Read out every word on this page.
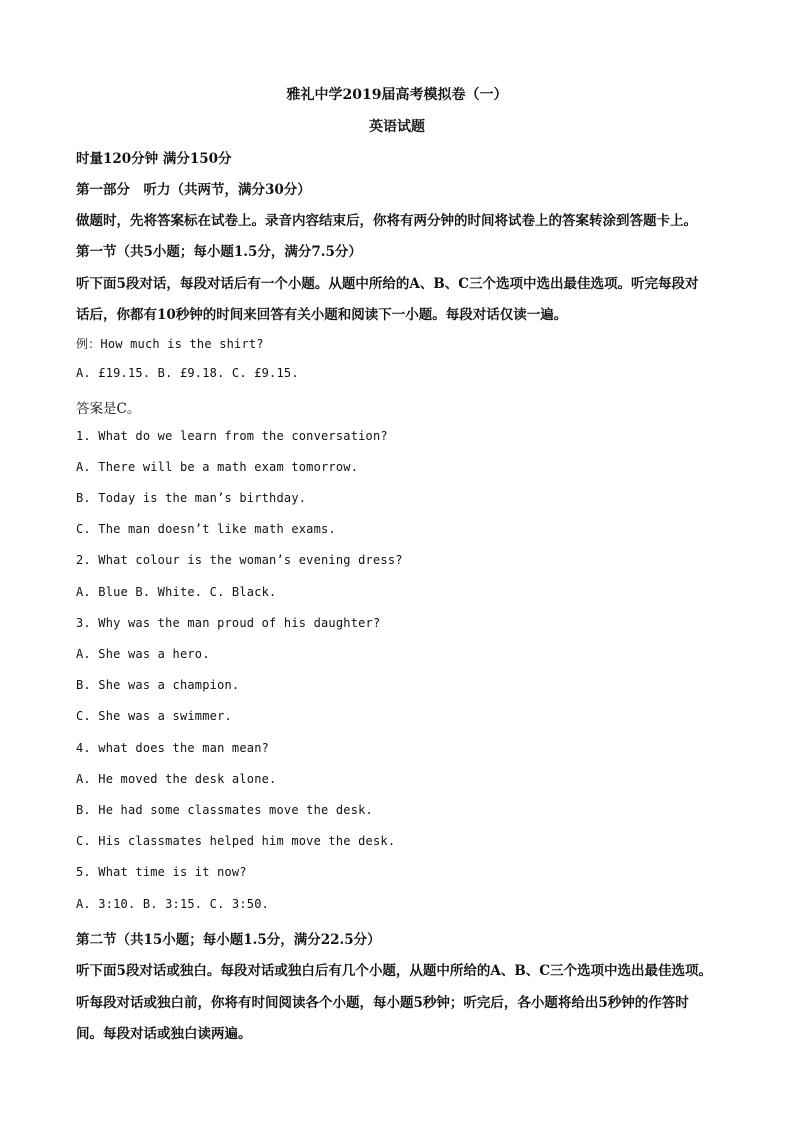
雅礼中学2019届高考模拟卷（一）
英语试题
时量120分钟 满分150分
第一部分　听力（共两节，满分30分）
做题时，先将答案标在试卷上。录音内容结束后，你将有两分钟的时间将试卷上的答案转涂到答题卡上。
第一节（共5小题；每小题1.5分，满分7.5分）
听下面5段对话，每段对话后有一个小题。从题中所给的A、B、C三个选项中选出最佳选项。听完每段对
话后，你都有10秒钟的时间来回答有关小题和阅读下一小题。每段对话仅读一遍。
例：How much is the shirt?
A. £19.15. B. £9.18. C. £9.15.
答案是C。
1. What do we learn from the conversation?
A. There will be a math exam tomorrow.
B. Today is the man’s birthday.
C. The man doesn’t like math exams.
2. What colour is the woman’s evening dress?
A. Blue B. White. C. Black.
3. Why was the man proud of his daughter?
A. She was a hero.
B. She was a champion.
C. She was a swimmer.
4. what does the man mean?
A. He moved the desk alone.
B. He had some classmates move the desk.
C. His classmates helped him move the desk.
5. What time is it now?
A. 3:10. B. 3:15. C. 3:50.
第二节（共15小题；每小题1.5分，满分22.5分）
听下面5段对话或独白。每段对话或独白后有几个小题，从题中所给的A、B、C三个选项中选出最佳选项。
听每段对话或独白前，你将有时间阅读各个小题，每小题5秒钟；听完后，各小题将给出5秒钟的作答时
间。每段对话或独白读两遍。
